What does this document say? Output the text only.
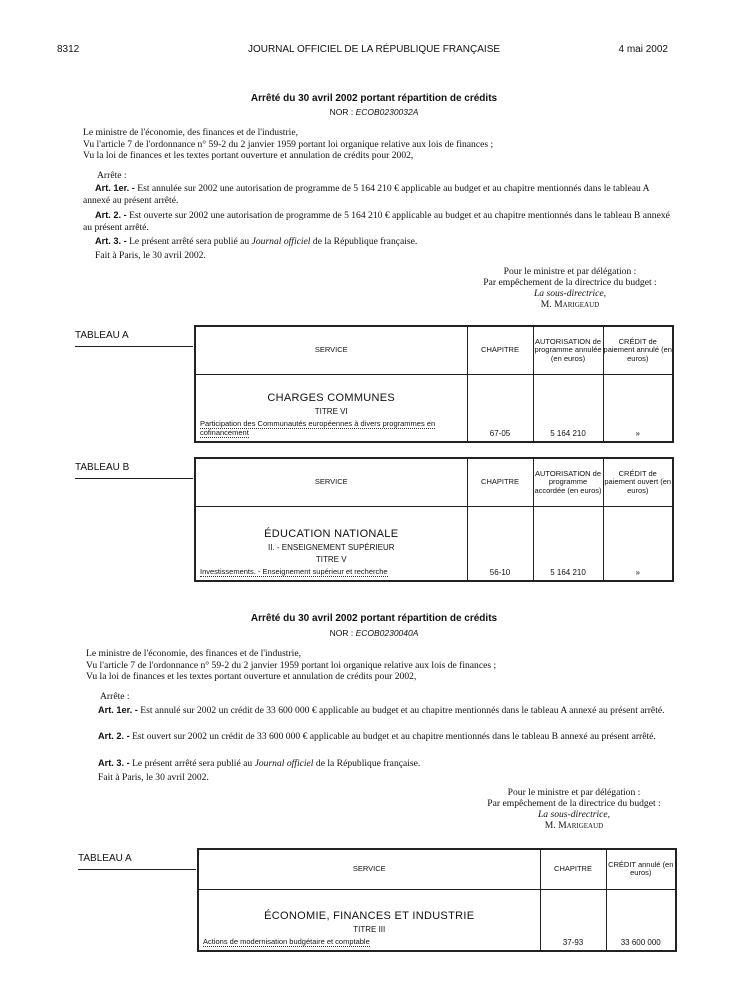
8312	JOURNAL OFFICIEL DE LA RÉPUBLIQUE FRANÇAISE	4 mai 2002
Arrêté du 30 avril 2002 portant répartition de crédits
NOR : ECOB0230032A
Le ministre de l'économie, des finances et de l'industrie,
Vu l'article 7 de l'ordonnance n° 59-2 du 2 janvier 1959 portant loi organique relative aux lois de finances ;
Vu la loi de finances et les textes portant ouverture et annulation de crédits pour 2002,
Arrête :
Art. 1er. - Est annulée sur 2002 une autorisation de programme de 5 164 210 € applicable au budget et au chapitre mentionnés dans le tableau A annexé au présent arrêté.
Art. 2. - Est ouverte sur 2002 une autorisation de programme de 5 164 210 € applicable au budget et au chapitre mentionnés dans le tableau B annexé au présent arrêté.
Art. 3. - Le présent arrêté sera publié au Journal officiel de la République française.
Fait à Paris, le 30 avril 2002.
Pour le ministre et par délégation :
Par empêchement de la directrice du budget :
La sous-directrice,
M. Marigeaud
TABLEAU A
SERVICE	CHAPITRE	AUTORISATION de programme annulée (en euros)	CRÉDIT de paiement annulé (en euros)

CHARGES COMMUNES
TITRE VI
Participation des Communautés européennes à divers programmes en cofinancement	67-05	5 164 210	»
TABLEAU B
SERVICE	CHAPITRE	AUTORISATION de programme accordée (en euros)	CRÉDIT de paiement ouvert (en euros)

ÉDUCATION NATIONALE
II. - ENSEIGNEMENT SUPÉRIEUR
TITRE V
Investissements. - Enseignement supérieur et recherche	56-10	5 164 210	»
Arrêté du 30 avril 2002 portant répartition de crédits
NOR : ECOB0230040A
Le ministre de l'économie, des finances et de l'industrie,
Vu l'article 7 de l'ordonnance n° 59-2 du 2 janvier 1959 portant loi organique relative aux lois de finances ;
Vu la loi de finances et les textes portant ouverture et annulation de crédits pour 2002,
Arrête :
Art. 1er. - Est annulé sur 2002 un crédit de 33 600 000 € applicable au budget et au chapitre mentionnés dans le tableau A annexé au présent arrêté.
Art. 2. - Est ouvert sur 2002 un crédit de 33 600 000 € applicable au budget et au chapitre mentionnés dans le tableau B annexé au présent arrêté.
Art. 3. - Le présent arrêté sera publié au Journal officiel de la République française.
Fait à Paris, le 30 avril 2002.
Pour le ministre et par délégation :
Par empêchement de la directrice du budget :
La sous-directrice,
M. Marigeaud
TABLEAU A
SERVICE	CHAPITRE	CRÉDIT annulé (en euros)

ÉCONOMIE, FINANCES ET INDUSTRIE
TITRE III
Actions de modernisation budgétaire et comptable	37-93	33 600 000
